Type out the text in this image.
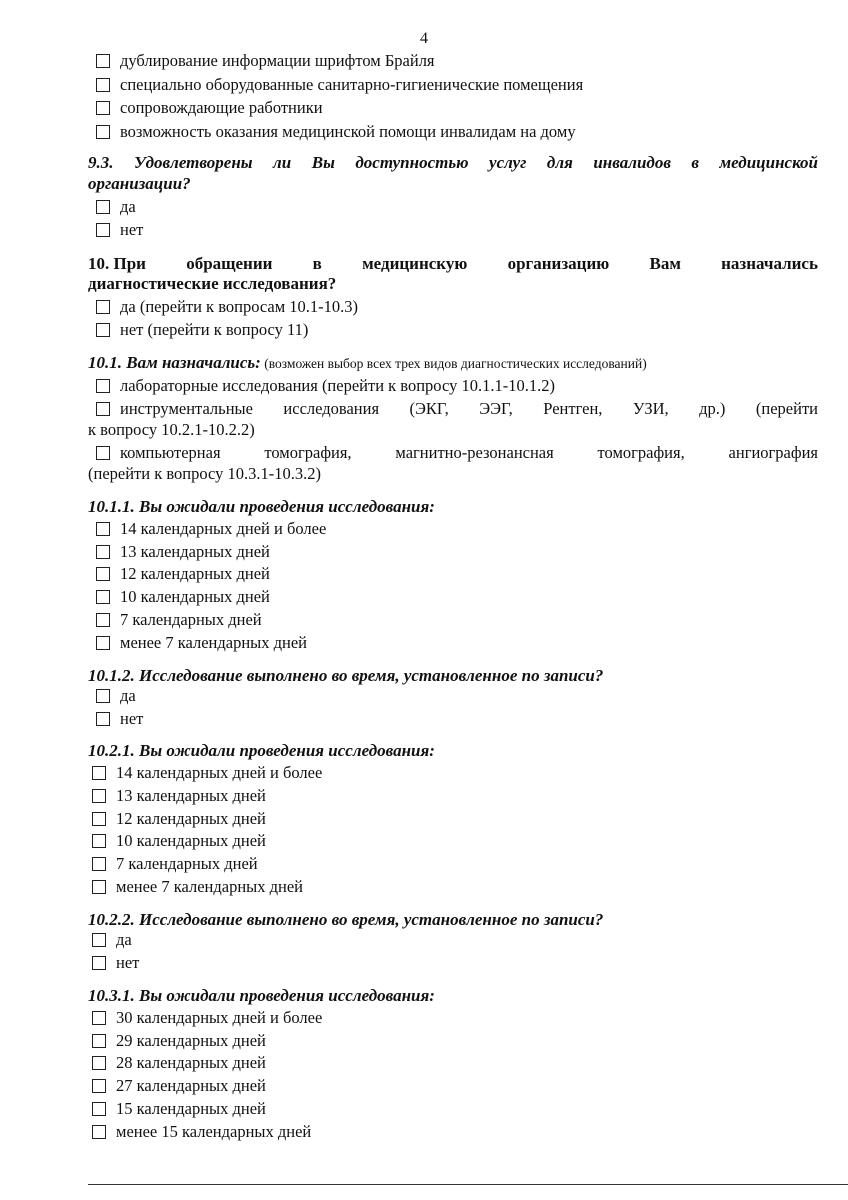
4
дублирование информации шрифтом Брайля
специально оборудованные санитарно-гигиенические помещения
сопровождающие работники
возможность оказания медицинской помощи инвалидам на дому
9.3. Удовлетворены ли Вы доступностью услуг для инвалидов в медицинской
организации?
да
нет
10. При обращении в медицинскую организацию Вам назначались
диагностические исследования?
да (перейти к вопросам 10.1-10.3)
нет (перейти к вопросу 11)
10.1. Вам назначались: (возможен выбор всех трех видов диагностических исследований)
лабораторные исследования (перейти к вопросу 10.1.1-10.1.2)
инструментальные исследования (ЭКГ, ЭЭГ, Рентген, УЗИ, др.) (перейти
к вопросу 10.2.1-10.2.2)
компьютерная томография, магнитно-резонансная томография, ангиография
(перейти к вопросу 10.3.1-10.3.2)
10.1.1. Вы ожидали проведения исследования:
14 календарных дней и более
13 календарных дней
12 календарных дней
10 календарных дней
7 календарных дней
менее 7 календарных дней
10.1.2. Исследование выполнено во время, установленное по записи?
да
нет
10.2.1. Вы ожидали проведения исследования:
14 календарных дней и более
13 календарных дней
12 календарных дней
10 календарных дней
7 календарных дней
менее 7 календарных дней
10.2.2. Исследование выполнено во время, установленное по записи?
да
нет
10.3.1. Вы ожидали проведения исследования:
30 календарных дней и более
29 календарных дней
28 календарных дней
27 календарных дней
15 календарных дней
менее 15 календарных дней
